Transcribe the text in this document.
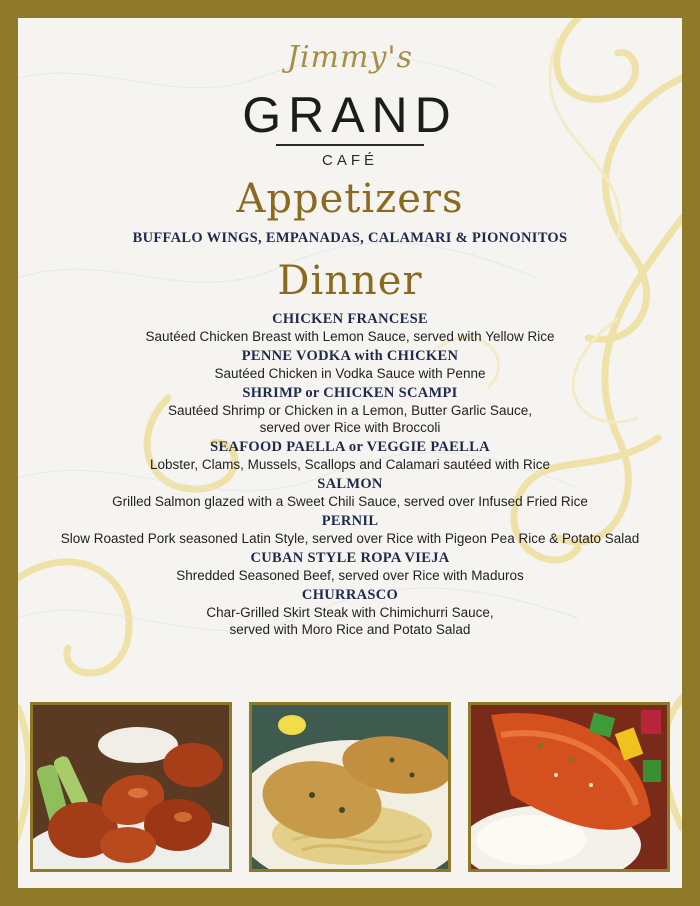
Jimmy's
GRAND
CAFÉ
Appetizers
BUFFALO WINGS, EMPANADAS, CALAMARI & PIONONITOS
Dinner
CHICKEN FRANCESE
Sautéed Chicken Breast with Lemon Sauce, served with Yellow Rice
PENNE VODKA with CHICKEN
Sautéed Chicken in Vodka Sauce with Penne
SHRIMP or CHICKEN SCAMPI
Sautéed Shrimp or Chicken in a Lemon, Butter Garlic Sauce,
served over Rice with Broccoli
SEAFOOD PAELLA or VEGGIE PAELLA
Lobster, Clams, Mussels, Scallops and Calamari sautéed with Rice
SALMON
Grilled Salmon glazed with a Sweet Chili Sauce, served over Infused Fried Rice
PERNIL
Slow Roasted Pork seasoned Latin Style, served over Rice with Pigeon Pea Rice & Potato Salad
CUBAN STYLE ROPA VIEJA
Shredded Seasoned Beef, served over Rice with Maduros
CHURRASCO
Char-Grilled Skirt Steak with Chimichurri Sauce,
served with Moro Rice and Potato Salad
